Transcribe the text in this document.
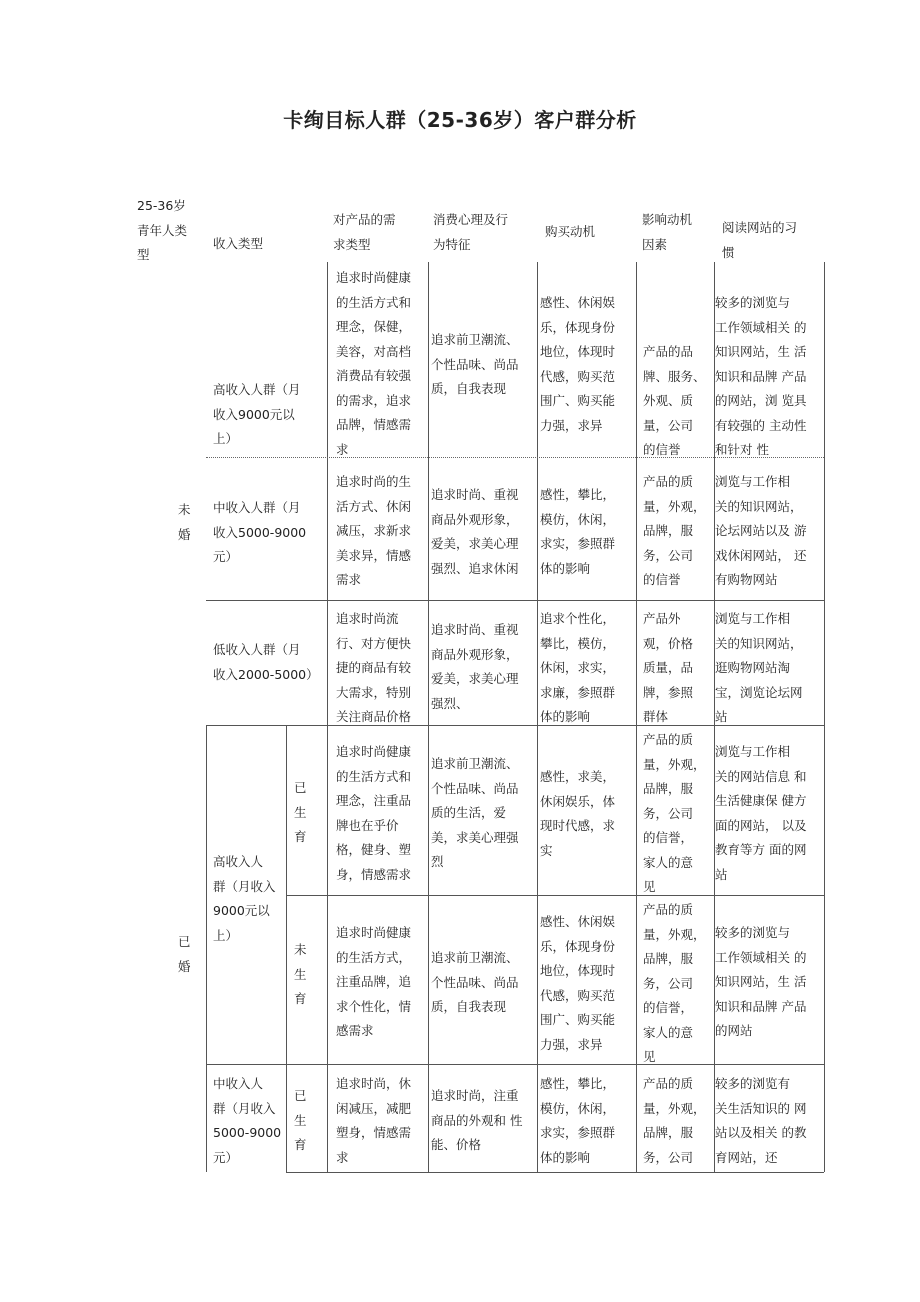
卡绚目标人群（25-36岁）客户群分析
25-36岁
青年人类
型
收入类型
对产品的需
求类型
消费心理及行
为特征
购买动机
影响动机
因素
阅读网站的习
惯
未
婚
已
婚
高收入人群（月
收入9000元以
上）
追求时尚健康
的生活方式和
理念，保健，
美容，对高档
消费品有较强
的需求，追求
品牌，情感需
求
追求前卫潮流、
个性品味、尚品
质，自我表现
感性、休闲娱
乐，体现身份
地位，体现时
代感，购买范
围广、购买能
力强，求异
产品的品
牌、服务、
外观、质
量，公司
的信誉
较多的浏览与
工作领域相关 的
知识网站，生 活
知识和品牌 产品
的网站，浏 览具
有较强的 主动性
和针对 性
中收入人群（月
收入5000-9000
元）
追求时尚的生
活方式、休闲
减压，求新求
美求异，情感
需求
追求时尚、重视
商品外观形象，
爱美，求美心理
强烈、追求休闲
感性，攀比，
模仿，休闲，
求实，参照群
体的影响
产品的质
量，外观，
品牌，服
务，公司
的信誉
浏览与工作相
关的知识网站，
论坛网站以及 游
戏休闲网站， 还
有购物网站
低收入人群（月
收入2000-5000）
追求时尚流
行、对方便快
捷的商品有较
大需求，特别
关注商品价格
追求时尚、重视
商品外观形象，
爱美，求美心理
强烈、
追求个性化，
攀比，模仿，
休闲，求实，
求廉，参照群
体的影响
产品外
观，价格
质量，品
牌，参照
群体
浏览与工作相
关的知识网站，
逛购物网站淘
宝，浏览论坛网
站
高收入人
群（月收入
9000元以
上）
已
生
育
追求时尚健康
的生活方式和
理念，注重品
牌也在乎价
格，健身、塑
身，情感需求
追求前卫潮流、
个性品味、尚品
质的生活，爱
美，求美心理强
烈
感性，求美，
休闲娱乐，体
现时代感，求
实
产品的质
量，外观，
品牌，服
务，公司
的信誉，
家人的意
见
浏览与工作相
关的网站信息 和
生活健康保 健方
面的网站， 以及
教育等方 面的网
站
未
生
育
追求时尚健康
的生活方式，
注重品牌，追
求个性化，情
感需求
追求前卫潮流、
个性品味、尚品
质，自我表现
感性、休闲娱
乐，体现身份
地位，体现时
代感，购买范
围广、购买能
力强，求异
产品的质
量，外观，
品牌，服
务，公司
的信誉，
家人的意
见
较多的浏览与
工作领域相关 的
知识网站，生 活
知识和品牌 产品
的网站
中收入人
群（月收入
5000-9000
元）
已
生
育
追求时尚，休
闲减压，减肥
塑身，情感需
求
追求时尚，注重
商品的外观和 性
能、价格
感性，攀比，
模仿，休闲，
求实，参照群
体的影响
产品的质
量，外观，
品牌，服
务，公司
较多的浏览有
关生活知识的 网
站以及相关 的教
育网站，还
